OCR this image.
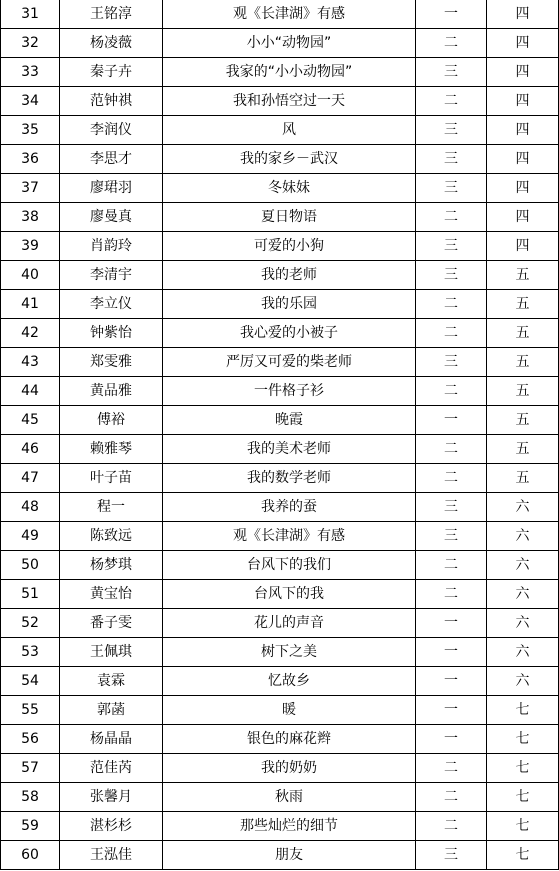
31	王铭淳	观《长津湖》有感	一	四
32	杨凌薇	小小“动物园”	二	四
33	秦子卉	我家的“小小动物园”	三	四
34	范钟祺	我和孙悟空过一天	二	四
35	李润仪	风	三	四
36	李思才	我的家乡－武汉	三	四
37	廖珺羽	冬妹妹	三	四
38	廖曼真	夏日物语	二	四
39	肖韵玲	可爱的小狗	三	四
40	李清宇	我的老师	三	五
41	李立仪	我的乐园	二	五
42	钟紫怡	我心爱的小被子	二	五
43	郑雯雅	严厉又可爱的柴老师	三	五
44	黄品雅	一件格子衫	二	五
45	傅裕	晚霞	一	五
46	赖雅琴	我的美术老师	二	五
47	叶子苗	我的数学老师	二	五
48	程一	我养的蚕	三	六
49	陈致远	观《长津湖》有感	三	六
50	杨梦琪	台风下的我们	二	六
51	黄宝怡	台风下的我	二	六
52	番子雯	花儿的声音	一	六
53	王佩琪	树下之美	一	六
54	袁霖	忆故乡	一	六
55	郭菡	暖	一	七
56	杨晶晶	银色的麻花辫	一	七
57	范佳芮	我的奶奶	二	七
58	张馨月	秋雨	二	七
59	湛杉杉	那些灿烂的细节	二	七
60	王泓佳	朋友	三	七
